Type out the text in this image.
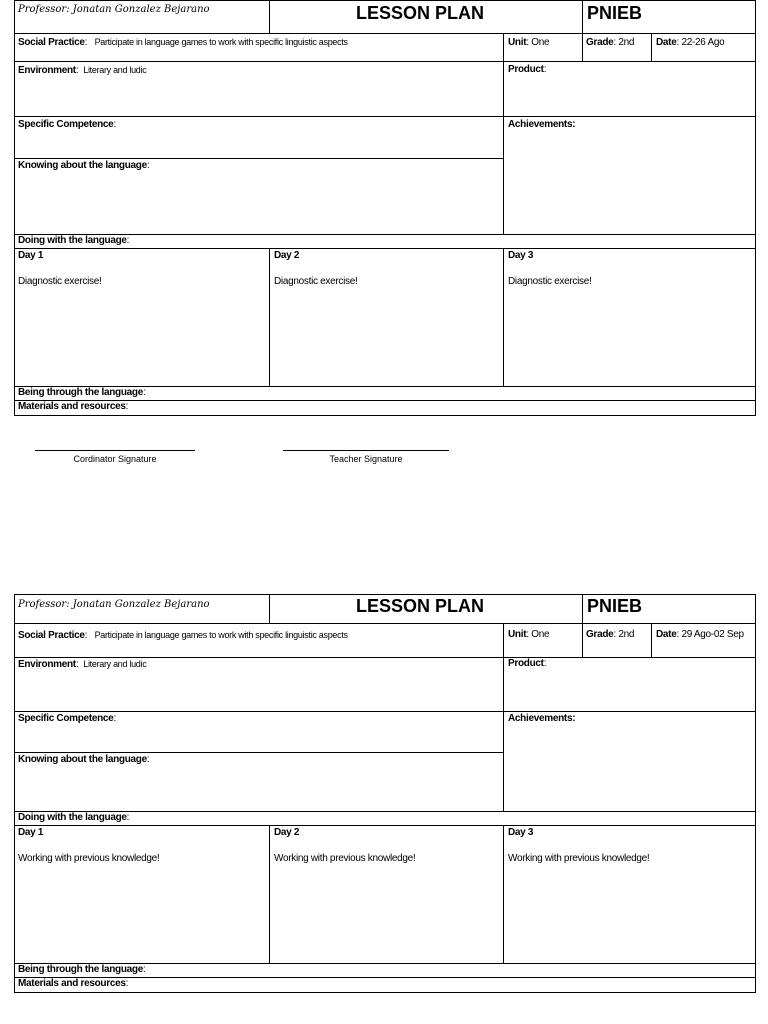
Professor: Jonatan Gonzalez Bejarano	LESSON PLAN	PNIEB
Social Practice:   Participate in language games to work with specific linguistic aspects	Unit: One	Grade: 2nd Date: 22-26 Ago
Environment:  Literary and ludic	Product:
Specific Competence:	Achievements:
Knowing about the language:
Doing with the language:
Day 1	Day 2	Day 3
Diagnostic exercise!	Diagnostic exercise!	Diagnostic exercise!
Being through the language:
Materials and resources:
Cordinator Signature	Teacher Signature
Professor: Jonatan Gonzalez Bejarano	LESSON PLAN	PNIEB
Social Practice:   Participate in language games to work with specific linguistic aspects	Unit: One	Grade: 2nd Date: 29 Ago-02 Sep
Environment:  Literary and ludic	Product:
Specific Competence:	Achievements:
Knowing about the language:
Doing with the language:
Day 1	Day 2	Day 3
Working with previous knowledge!	Working with previous knowledge!	Working with previous knowledge!
Being through the language:
Materials and resources:
